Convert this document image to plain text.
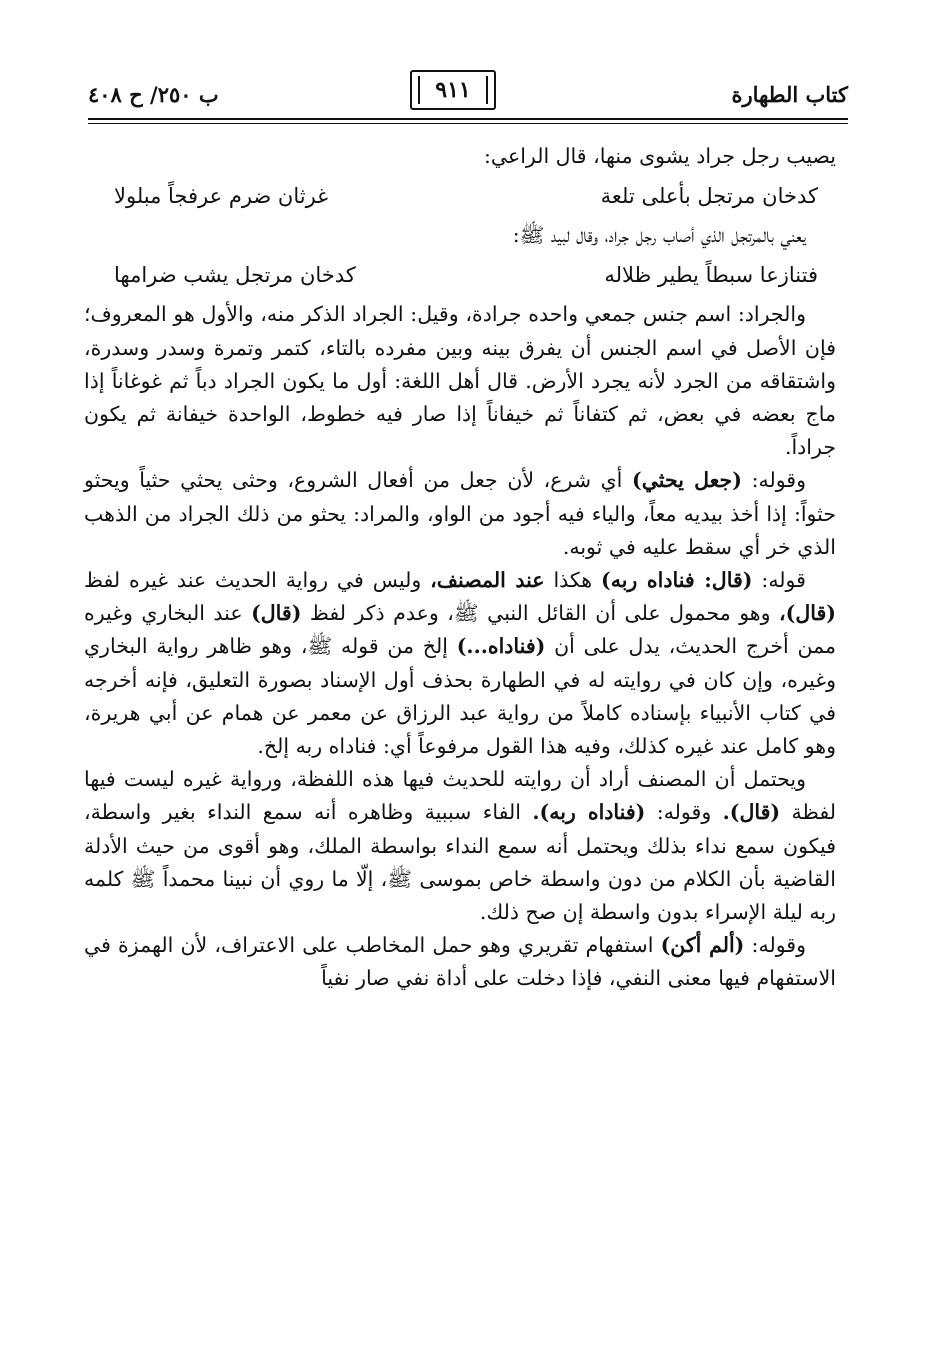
كتاب الطهارة
٩١١
ب ٢٥٠/ ح ٤٠٨

يصيب رجل جراد يشوى منها، قال الراعي:

كدخان مرتجل بأعلى تلعة
غرثان ضرم عرفجاً مبلولا

يعني بالمرتجل الذي أصاب رجل جراد، وقال لبيد ﷺ:

فتنازعا سبطاً يطير ظلاله
كدخان مرتجل يشب ضرامها

والجراد: اسم جنس جمعي واحده جرادة، وقيل: الجراد الذكر منه، والأول هو المعروف؛ فإن الأصل في اسم الجنس أن يفرق بينه وبين مفرده بالتاء، كتمر وتمرة وسدر وسدرة، واشتقاقه من الجرد لأنه يجرد الأرض. قال أهل اللغة: أول ما يكون الجراد دباً ثم غوغاناً إذا ماج بعضه في بعض، ثم كتفاناً ثم خيفاناً إذا صار فيه خطوط، الواحدة خيفانة ثم يكون جراداً.

وقوله: (جعل يحثي) أي شرع، لأن جعل من أفعال الشروع، وحثى يحثي حثياً ويحثو حثواً: إذا أخذ بيديه معاً، والياء فيه أجود من الواو، والمراد: يحثو من ذلك الجراد من الذهب الذي خر أي سقط عليه في ثوبه.

قوله: (قال: فناداه ربه) هكذا عند المصنف، وليس في رواية الحديث عند غيره لفظ (قال)، وهو محمول على أن القائل النبي ﷺ، وعدم ذكر لفظ (قال) عند البخاري وغيره ممن أخرج الحديث، يدل على أن (فناداه...) إلخ من قوله ﷺ، وهو ظاهر رواية البخاري وغيره، وإن كان في روايته له في الطهارة بحذف أول الإسناد بصورة التعليق، فإنه أخرجه في كتاب الأنبياء بإسناده كاملاً من رواية عبد الرزاق عن معمر عن همام عن أبي هريرة، وهو كامل عند غيره كذلك، وفيه هذا القول مرفوعاً أي: فناداه ربه إلخ.

ويحتمل أن المصنف أراد أن روايته للحديث فيها هذه اللفظة، ورواية غيره ليست فيها لفظة (قال). وقوله: (فناداه ربه). الفاء سببية وظاهره أنه سمع النداء بغير واسطة، فيكون سمع نداء بذلك ويحتمل أنه سمع النداء بواسطة الملك، وهو أقوى من حيث الأدلة القاضية بأن الكلام من دون واسطة خاص بموسى ﷺ، إلّا ما روي أن نبينا محمداً ﷺ كلمه ربه ليلة الإسراء بدون واسطة إن صح ذلك.

وقوله: (ألم أكن) استفهام تقريري وهو حمل المخاطب على الاعتراف، لأن الهمزة في الاستفهام فيها معنى النفي، فإذا دخلت على أداة نفي صار نفياً
